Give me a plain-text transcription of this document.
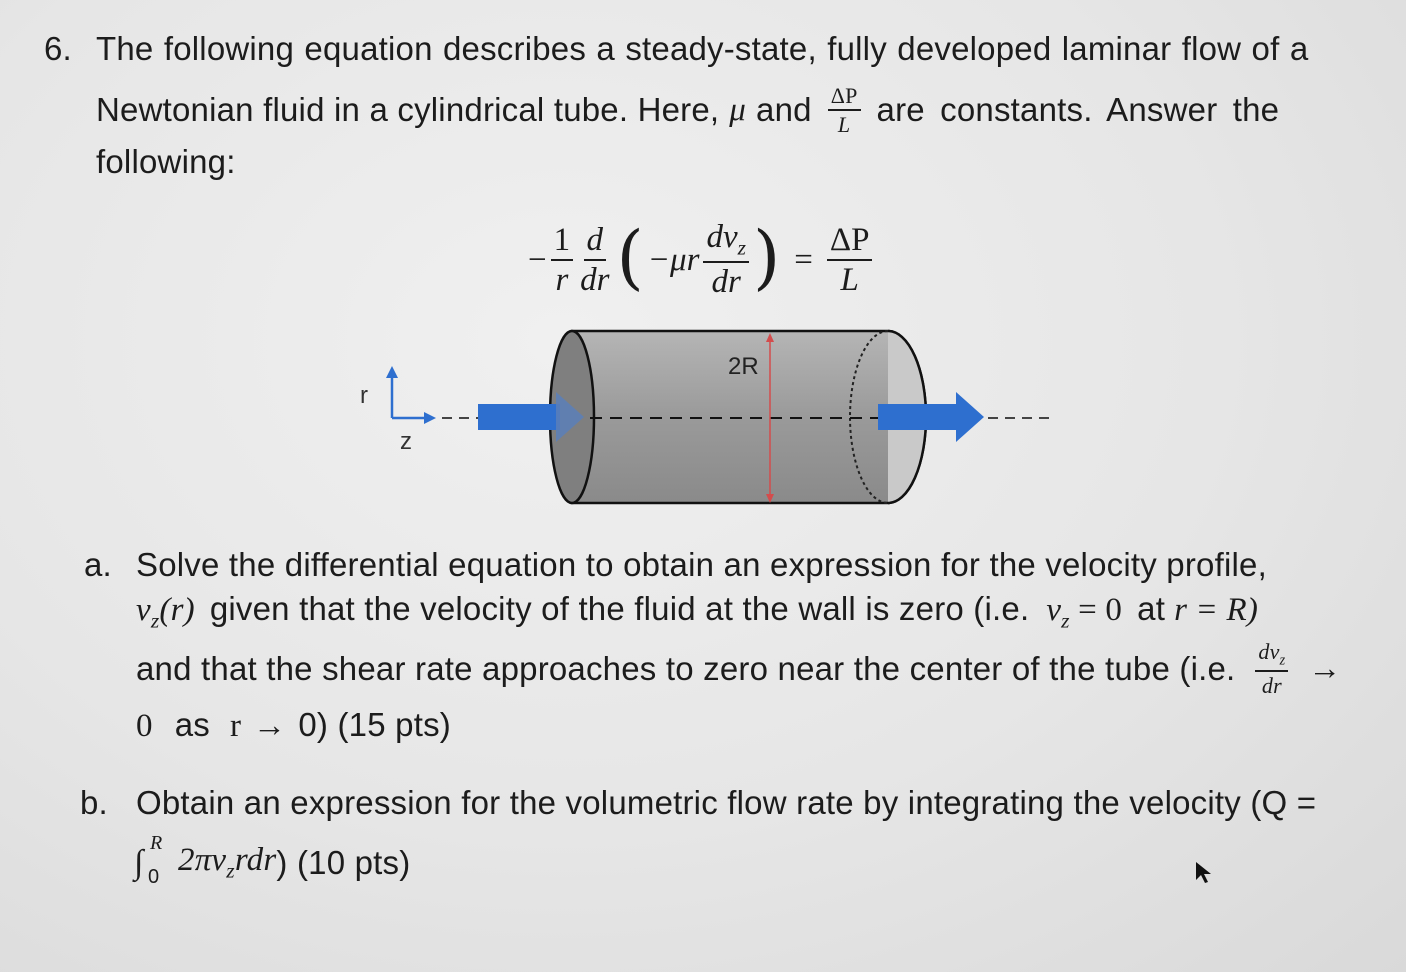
6. The following equation describes a steady-state, fully developed laminar flow of a
Newtonian fluid in a cylindrical tube. Here, μ and $\frac{\Delta P}{L}$ are constants. Answer the
following:
− $\frac{1}{r} \frac{d}{dr}$ ( $-\mu r \frac{dv_z}{dr}$ ) = $\frac{\Delta P}{L}$
r
z
2R
a. Solve the differential equation to obtain an expression for the velocity profile,
$v_z(r)$ given that the velocity of the fluid at the wall is zero (i.e. $v_z = 0$ at r = R)
and that the shear rate approaches to zero near the center of the tube (i.e. $\frac{dv_z}{dr}$ →
0 as r → 0) (15 pts)
b. Obtain an expression for the volumetric flow rate by integrating the velocity (Q =
∫
R
0 $2\pi v_zrdr$ ) (10 pts)
